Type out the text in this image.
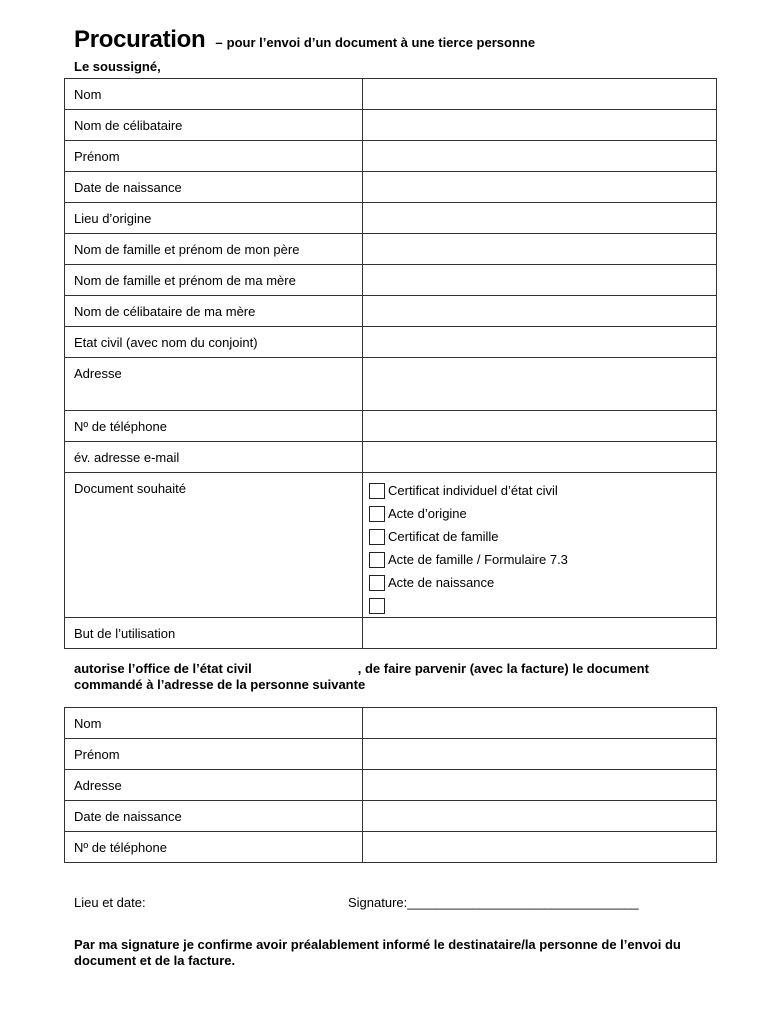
Procuration – pour l’envoi d’un document à une tierce personne
Le soussigné,
Nom	
Nom de célibataire	
Prénom	
Date de naissance	
Lieu d’origine	
Nom de famille et prénom de mon père	
Nom de famille et prénom de ma mère	
Nom de célibataire de ma mère	
Etat civil (avec nom du conjoint)	
Adresse	
Nº de téléphone	
év. adresse e-mail	
Document souhaité	Certificat individuel d’état civil
Acte d’origine
Certificat de famille
Acte de famille / Formulaire 7.3
Acte de naissance

But de l’utilisation	
autorise l’office de l’état civil	, de faire parvenir (avec la facture) le document commandé à l’adresse de la personne suivante
Nom	
Prénom	
Adresse	
Date de naissance	
Nº de téléphone	
Lieu et date:	Signature:________________________________
Par ma signature je confirme avoir préalablement informé le destinataire/la personne de l’envoi du document et de la facture.
